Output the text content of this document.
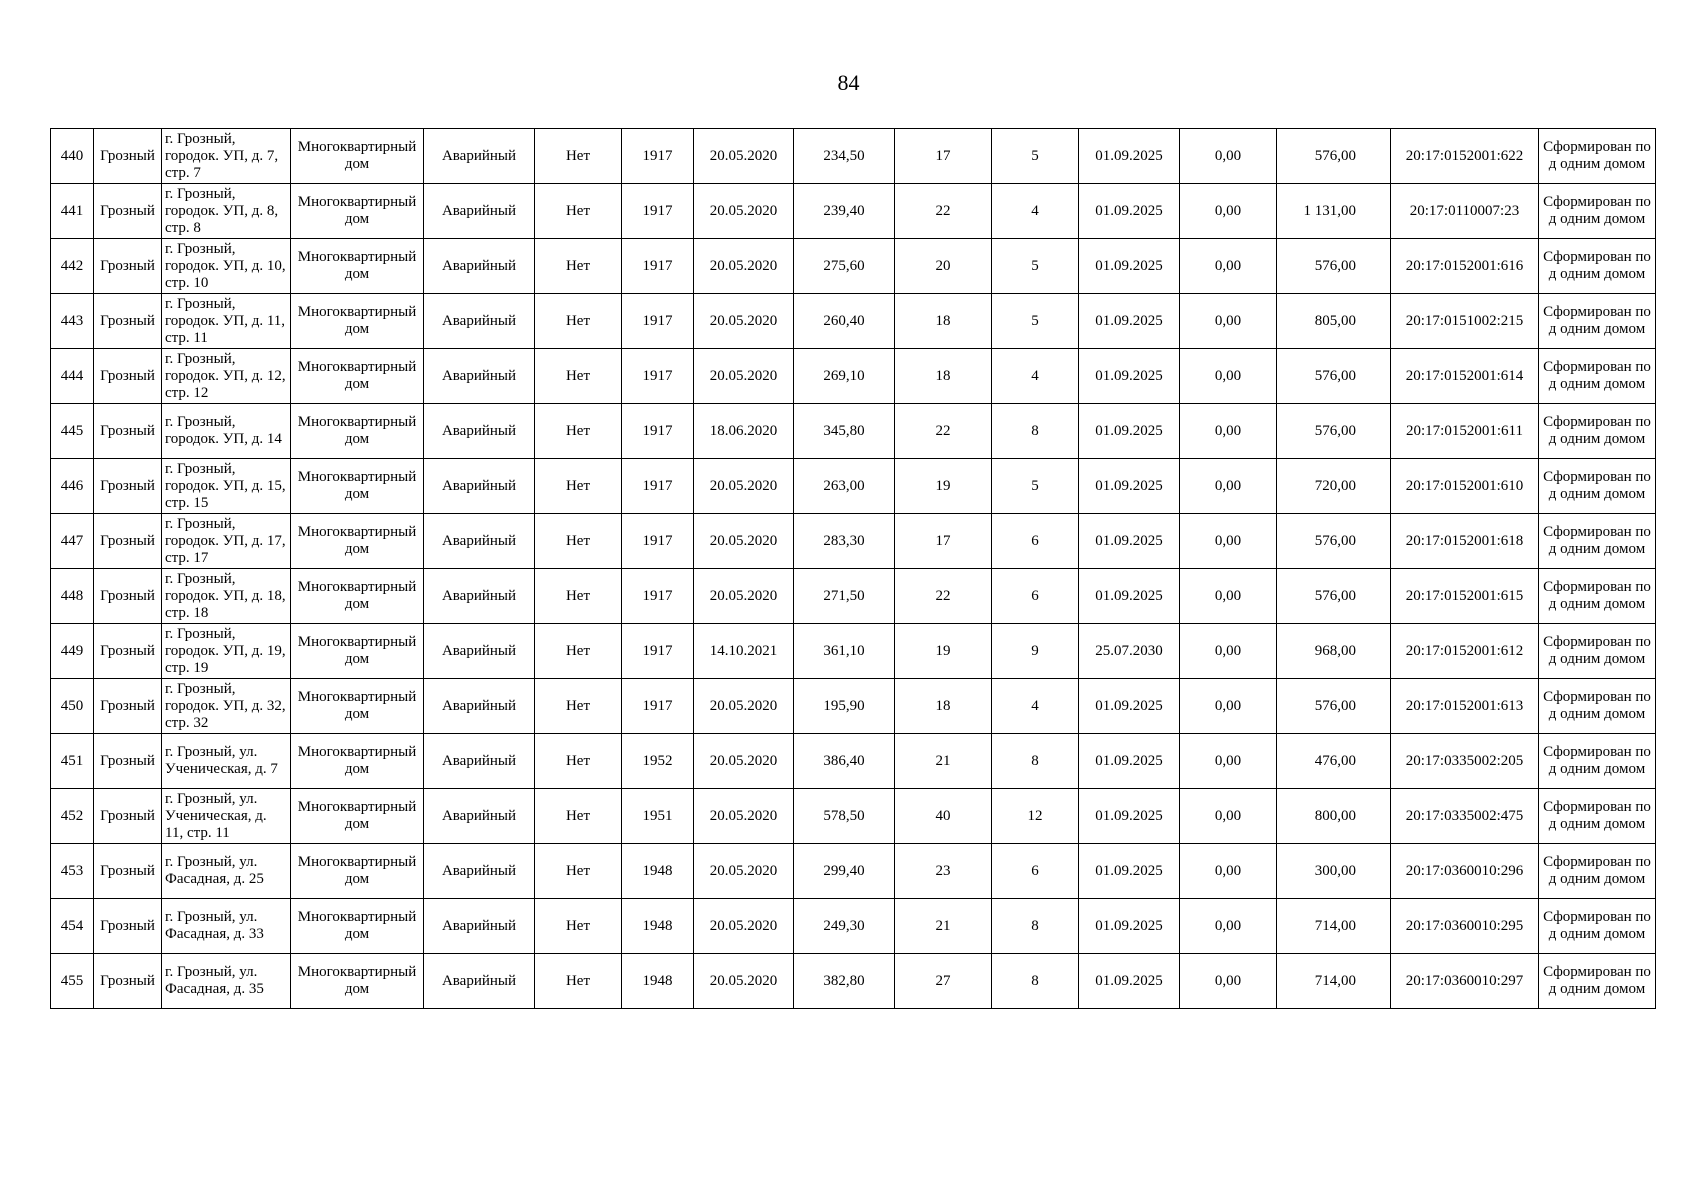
84
440	Грозный	г. Грозный, городок. УП, д. 7, стр. 7	Многоквартирный дом	Аварийный	Нет	1917	20.05.2020	234,50	17	5	01.09.2025	0,00	576,00	20:17:0152001:622	Сформирован под одним домом
441	Грозный	г. Грозный, городок. УП, д. 8, стр. 8	Многоквартирный дом	Аварийный	Нет	1917	20.05.2020	239,40	22	4	01.09.2025	0,00	1 131,00	20:17:0110007:23	Сформирован под одним домом
442	Грозный	г. Грозный, городок. УП, д. 10, стр. 10	Многоквартирный дом	Аварийный	Нет	1917	20.05.2020	275,60	20	5	01.09.2025	0,00	576,00	20:17:0152001:616	Сформирован под одним домом
443	Грозный	г. Грозный, городок. УП, д. 11, стр. 11	Многоквартирный дом	Аварийный	Нет	1917	20.05.2020	260,40	18	5	01.09.2025	0,00	805,00	20:17:0151002:215	Сформирован под одним домом
444	Грозный	г. Грозный, городок. УП, д. 12, стр. 12	Многоквартирный дом	Аварийный	Нет	1917	20.05.2020	269,10	18	4	01.09.2025	0,00	576,00	20:17:0152001:614	Сформирован под одним домом
445	Грозный	г. Грозный, городок. УП, д. 14	Многоквартирный дом	Аварийный	Нет	1917	18.06.2020	345,80	22	8	01.09.2025	0,00	576,00	20:17:0152001:611	Сформирован под одним домом
446	Грозный	г. Грозный, городок. УП, д. 15, стр. 15	Многоквартирный дом	Аварийный	Нет	1917	20.05.2020	263,00	19	5	01.09.2025	0,00	720,00	20:17:0152001:610	Сформирован под одним домом
447	Грозный	г. Грозный, городок. УП, д. 17, стр. 17	Многоквартирный дом	Аварийный	Нет	1917	20.05.2020	283,30	17	6	01.09.2025	0,00	576,00	20:17:0152001:618	Сформирован под одним домом
448	Грозный	г. Грозный, городок. УП, д. 18, стр. 18	Многоквартирный дом	Аварийный	Нет	1917	20.05.2020	271,50	22	6	01.09.2025	0,00	576,00	20:17:0152001:615	Сформирован под одним домом
449	Грозный	г. Грозный, городок. УП, д. 19, стр. 19	Многоквартирный дом	Аварийный	Нет	1917	14.10.2021	361,10	19	9	25.07.2030	0,00	968,00	20:17:0152001:612	Сформирован под одним домом
450	Грозный	г. Грозный, городок. УП, д. 32, стр. 32	Многоквартирный дом	Аварийный	Нет	1917	20.05.2020	195,90	18	4	01.09.2025	0,00	576,00	20:17:0152001:613	Сформирован под одним домом
451	Грозный	г. Грозный, ул. Ученическая, д. 7	Многоквартирный дом	Аварийный	Нет	1952	20.05.2020	386,40	21	8	01.09.2025	0,00	476,00	20:17:0335002:205	Сформирован под одним домом
452	Грозный	г. Грозный, ул. Ученическая, д. 11, стр. 11	Многоквартирный дом	Аварийный	Нет	1951	20.05.2020	578,50	40	12	01.09.2025	0,00	800,00	20:17:0335002:475	Сформирован под одним домом
453	Грозный	г. Грозный, ул. Фасадная, д. 25	Многоквартирный дом	Аварийный	Нет	1948	20.05.2020	299,40	23	6	01.09.2025	0,00	300,00	20:17:0360010:296	Сформирован под одним домом
454	Грозный	г. Грозный, ул. Фасадная, д. 33	Многоквартирный дом	Аварийный	Нет	1948	20.05.2020	249,30	21	8	01.09.2025	0,00	714,00	20:17:0360010:295	Сформирован под одним домом
455	Грозный	г. Грозный, ул. Фасадная, д. 35	Многоквартирный дом	Аварийный	Нет	1948	20.05.2020	382,80	27	8	01.09.2025	0,00	714,00	20:17:0360010:297	Сформирован под одним домом
